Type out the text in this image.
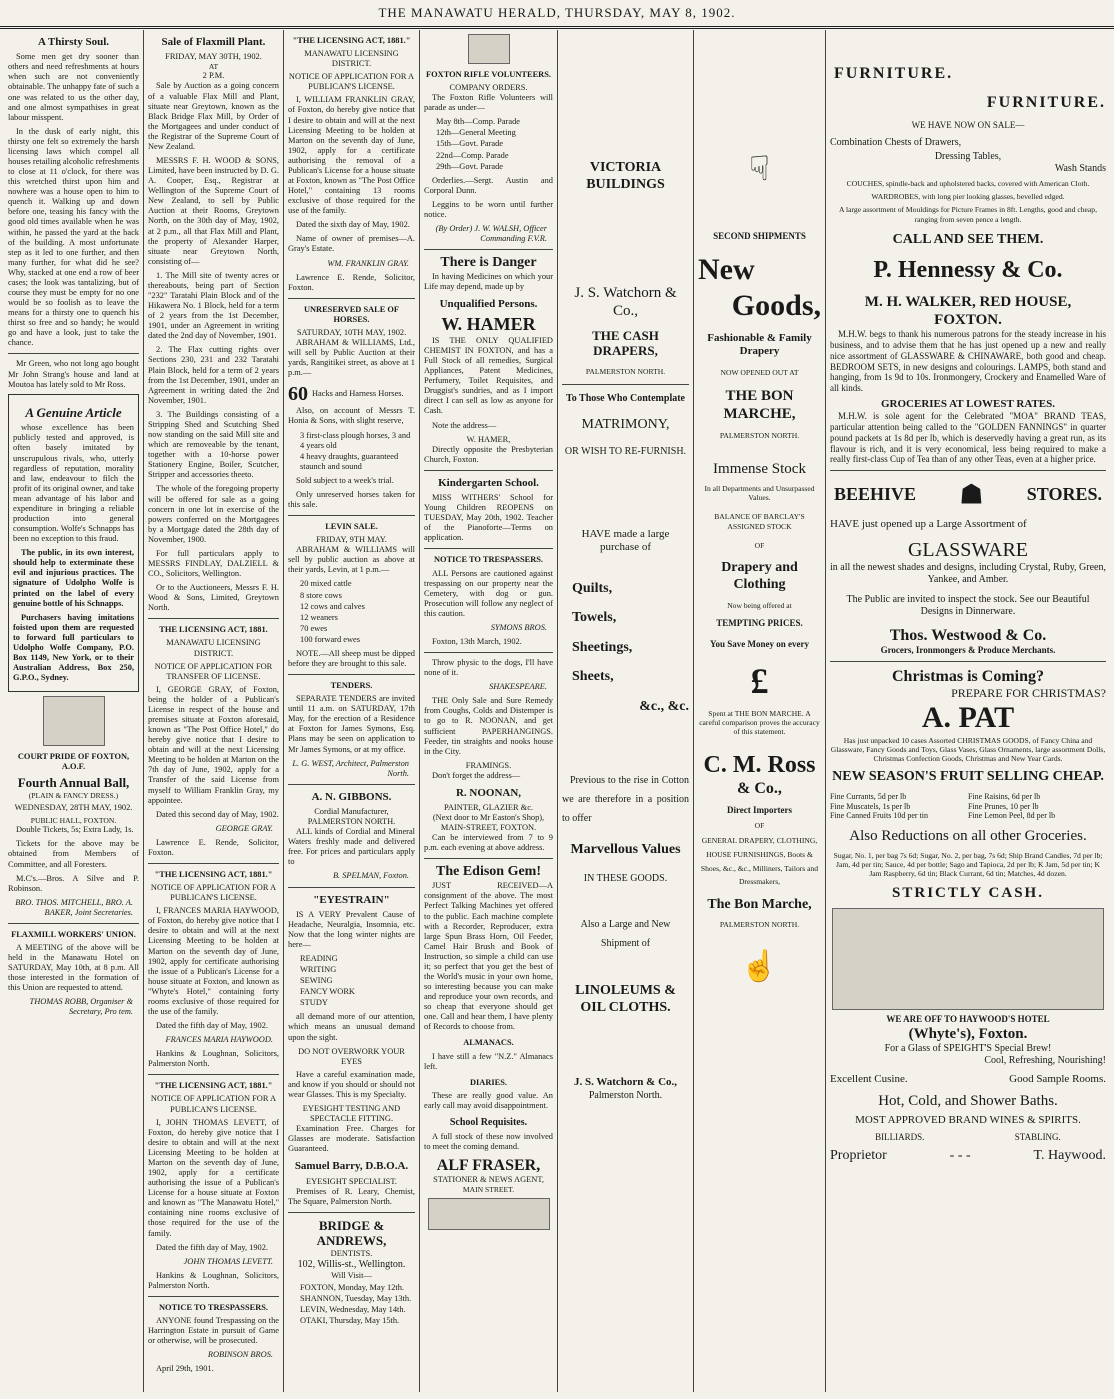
THE MANAWATU HERALD, THURSDAY, MAY 8, 1902.
A Thirsty Soul.

Some men get dry sooner than others and need refreshments at hours when such are not conveniently obtainable. The unhappy fate of such a one was related to us the other day, and one almost sympathises in great labour misspent.

In the dusk of early night, this thirsty one felt so extremely the harsh licensing laws which compel all houses retailing alcoholic refreshments to close at 11 o'clock, for there was this wretched thirst upon him and nowhere was a house open to him to quench it. Walking up and down before one, teasing his fancy with the good old times available when he was within, he passed the yard at the back of the building. A most unfortunate step as it led to one further, and then many further, for what did he see? Why, stacked at one end a row of beer cases; the look was tantalizing, but of course they must be empty for no one would be so foolish as to leave the means for a thirsty one to quench his thirst so free and so handy; he would go and have a look, just to take the chance.

Mr Green, who not long ago bought Mr John Strang's house and land at Moutoa has lately sold to Mr Ross.

A Genuine Article

whose excellence has been publicly tested and approved, is often basely imitated by unscrupulous rivals, who, utterly regardless of reputation, morality and law, endeavour to filch the profit of its original owner, and take mean advantage of his labor and expenditure in bringing a reliable production into general consumption. Wolfe's Schnapps has been no exception to this fraud.

The public, in its own interest, should help to exterminate these evil and injurious practices. The signature of Udolpho Wolfe is printed on the label of every genuine bottle of his Schnapps.

Purchasers having imitations foisted upon them are requested to forward full particulars to Udolpho Wolfe Company, P.O. Box 1149, New York, or to their Australian Address, Box 250, G.P.O., Sydney.

COURT PRIDE OF FOXTON, A.O.F.
Fourth Annual Ball,
(PLAIN & FANCY DRESS.)
WEDNESDAY, 28TH MAY, 1902.
PUBLIC HALL, FOXTON.

Double Tickets, 5s; Extra Lady, 1s.

Tickets for the above may be obtained from Members of Committee, and all Foresters.

M.C's.—Bros. A Silve and P. Robinson.

BRO. THOS. MITCHELL, BRO. A. BAKER, Joint Secretaries.
FLAXMILL WORKERS' UNION.

A MEETING of the above will be held in the Manawatu Hotel on SATURDAY, May 10th, at 8 p.m. All those interested in the formation of this Union are requested to attend.

THOMAS ROBB, Organiser & Secretary, Pro tem.
Sale of Flaxmill Plant.
FRIDAY, MAY 30TH, 1902.
AT
2 P.M.

Sale by Auction as a going concern of a valuable Flax Mill and Plant, situate near Greytown, known as the Black Bridge Flax Mill, by Order of the Mortgagees and under conduct of the Registrar of the Supreme Court of New Zealand.

MESSRS F. H. WOOD & SONS, Limited, have been instructed by D. G. A. Cooper, Esq., Registrar at Wellington of the Supreme Court of New Zealand, to sell by Public Auction at their Rooms, Greytown North, on the 30th day of May, 1902, at 2 p.m., all that Flax Mill and Plant, the property of Alexander Harper, situate near Greytown North, consisting of—

1. The Mill site of twenty acres or thereabouts, being part of Section "232" Taratahi Plain Block and of the Hikawera No. 1 Block, held for a term of 2 years from the 1st December, 1901, under an Agreement in writing dated the 2nd day of November, 1901.

2. The Flax cutting rights over Sections 230, 231 and 232 Taratahi Plain Block, held for a term of 2 years from the 1st December, 1901, under an Agreement in writing dated the 2nd November, 1901.

3. The Buildings consisting of a Stripping Shed and Scutching Shed now standing on the said Mill site and which are removeable by the tenant, together with a 10-horse power Stationery Engine, Boiler, Scutcher, Stripper and accessories theeto.

The whole of the foregoing property will be offered for sale as a going concern in one lot in exercise of the powers conferred on the Mortgagees by a Mortgage dated the 28th day of November, 1900.

For full particulars apply to MESSRS FINDLAY, DALZIELL & CO., Solicitors, Wellington.

Or to the Auctioneers, Messrs F. H. Wood & Sons, Limited, Greytown North.

THE LICENSING ACT, 1881.
MANAWATU LICENSING DISTRICT.
NOTICE OF APPLICATION FOR TRANSFER OF LICENSE.

I, GEORGE GRAY, of Foxton, being the holder of a Publican's License in respect of the house and premises situate at Foxton aforesaid, known as "The Post Office Hotel," do hereby give notice that I desire to obtain and will at the next Licensing Meeting to be holden at Marton on the 7th day of June, 1902, apply for a Transfer of the said License from myself to William Franklin Gray, my appointee.

Dated this second day of May, 1902.

GEORGE GRAY.

Lawrence E. Rende, Solicitor, Foxton.

"THE LICENSING ACT, 1881."
NOTICE OF APPLICATION FOR A PUBLICAN'S LICENSE.

I, FRANCES MARIA HAYWOOD, of Foxton, do hereby give notice that I desire to obtain and will at the next Licensing Meeting to be holden at Marton on the seventh day of June, 1902, apply for certificate authorising the issue of a Publican's License for a house situate at Foxton, and known as "Whyte's Hotel," containing forty rooms exclusive of those required for the use of the family.

Dated the fifth day of May, 1902.

FRANCES MARIA HAYWOOD.

Hankins & Loughnan, Solicitors, Palmerston North.

"THE LICENSING ACT, 1881."
NOTICE OF APPLICATION FOR A PUBLICAN'S LICENSE.

I, JOHN THOMAS LEVETT, of Foxton, do hereby give notice that I desire to obtain and will at the next Licensing Meeting to be holden at Marton on the seventh day of June, 1902, apply for a certificate authorising the issue of a Publican's License for a house situate at Foxton and known as "The Manawatu Hotel," containing nine rooms exclusive of those required for the use of the family.

Dated the fifth day of May, 1902.

JOHN THOMAS LEVETT.

Hankins & Loughnan, Solicitors, Palmerston North.

NOTICE TO TRESPASSERS.

ANYONE found Trespassing on the Harrington Estate in pursuit of Game or otherwise, will be prosecuted.

ROBINSON BROS.

April 29th, 1901.

"THE LICENSING ACT, 1881."
MANAWATU LICENSING DISTRICT.
NOTICE OF APPLICATION FOR A PUBLICAN'S LICENSE.

I, WILLIAM FRANKLIN GRAY, of Foxton, do hereby give notice that I desire to obtain and will at the next Licensing Meeting to be holden at Marton on the seventh day of June, 1902, apply for a certificate authorising the removal of a Publican's License for a house situate at Foxton, known as "The Post Office Hotel," containing 13 rooms exclusive of those required for the use of the family.

Dated the sixth day of May, 1902.

Name of owner of premises—A. Gray's Estate.

WM. FRANKLIN GRAY.

Lawrence E. Rende, Solicitor, Foxton.

UNRESERVED SALE OF HORSES.
SATURDAY, 10TH MAY, 1902.

ABRAHAM & WILLIAMS, Ltd., will sell by Public Auction at their yards, Rangitikei street, as above at 1 p.m.—

60 Hacks and Harness Horses.

Also, on account of Messrs T. Honia & Sons, with slight reserve,

3 first-class plough horses, 3 and 4 years old
4 heavy draughts, guaranteed staunch and sound

Sold subject to a week's trial.

Only unreserved horses taken for this sale.

LEVIN SALE.
FRIDAY, 9TH MAY.

ABRAHAM & WILLIAMS will sell by public auction as above at their yards, Levin, at 1 p.m.—

20 mixed cattle
8 store cows
12 cows and calves
12 weaners
70 ewes
100 forward ewes

NOTE.—All sheep must be dipped before they are brought to this sale.

TENDERS.

SEPARATE TENDERS are invited until 11 a.m. on SATURDAY, 17th May, for the erection of a Residence at Foxton for James Symons, Esq. Plans may be seen on application to Mr James Symons, or at my office.

L. G. WEST, Architect, Palmerston North.
A. N. GIBBONS.
Cordial Manufacturer, PALMERSTON NORTH.

ALL kinds of Cordial and Mineral Waters freshly made and delivered free. For prices and particulars apply to

B. SPELMAN, Foxton.
"EYESTRAIN"

IS A VERY Prevalent Cause of Headache, Neuralgia, Insomnia, etc. Now that the long winter nights are here—

READING
WRITING
SEWING
FANCY WORK
STUDY

all demand more of our attention, which means an unusual demand upon the sight.

DO NOT OVERWORK YOUR EYES

Have a careful examination made, and know if you should or should not wear Glasses. This is my Specialty.

EYESIGHT TESTING AND SPECTACLE FITTING.

Examination Free. Charges for Glasses are moderate. Satisfaction Guaranteed.

Samuel Barry, D.B.O.A.
EYESIGHT SPECIALIST.

Premises of R. Leary, Chemist, The Square, Palmerston North.

BRIDGE & ANDREWS,
DENTISTS.
102, Willis-st., Wellington.
Will Visit—
FOXTON, Monday, May 12th.
SHANNON, Tuesday, May 13th.
LEVIN, Wednesday, May 14th.
OTAKI, Thursday, May 15th.
FOXTON RIFLE VOLUNTEERS.
COMPANY ORDERS.

The Foxton Rifle Volunteers will parade as under—

May 8th—Comp. Parade
12th—General Meeting
15th—Govt. Parade
22nd—Comp. Parade
29th—Govt. Parade

Orderlies.—Sergt. Austin and Corporal Dunn.

Leggins to be worn until further notice.

(By Order) J. W. WALSH, Officer Commanding F.V.R.
There is Danger

In having Medicines on which your Life may depend, made up by

Unqualified Persons.
W. HAMER

IS THE ONLY QUALIFIED CHEMIST IN FOXTON, and has a Full Stock of all remedies, Surgical Appliances, Patent Medicines, Perfumery, Toilet Requisites, and Druggist's sundries, and as I import direct I can sell as low as anyone for Cash.

Note the address—

W. HAMER,

Directly opposite the Presbyterian Church, Foxton.

Kindergarten School.

MISS WITHERS' School for Young Children REOPENS on TUESDAY, May 20th, 1902. Teacher of the Pianoforte—Terms on application.

NOTICE TO TRESPASSERS.

ALL Persons are cautioned against trespassing on our property near the Cemetery, with dog or gun. Prosecution will follow any neglect of this caution.

SYMONS BROS.

Foxton, 13th March, 1902.

Throw physic to the dogs, I'll have none of it.

SHAKESPEARE.

THE Only Sale and Sure Remedy from Coughs, Colds and Distemper is to go to R. NOONAN, and get sufficient PAPERHANGINGS. Feeder, tin straights and nooks house in the City.

FRAMINGS.

Don't forget the address—

R. NOONAN,
PAINTER, GLAZIER &c.
(Next door to Mr Easton's Shop), MAIN-STREET, FOXTON.

Can be interviewed from 7 to 9 p.m. each evening at above address.

The Edison Gem!

JUST RECEIVED—A consignment of the above. The most Perfect Talking Machines yet offered to the public. Each machine complete with a Recorder, Reproducer, extra large Spun Brass Horn, Oil Feeder, Camel Hair Brush and Book of Instruction, so simple a child can use it; so perfect that you get the best of the World's music in your own home, so interesting because you can make and reproduce your own records, and so cheap that everyone should get one. Call and hear them, I have plenty of Records to choose from.

ALMANACS.

I have still a few "N.Z." Almanacs left.

DIARIES.

These are really good value. An early call may avoid disappointment.

School Requisites.

A full stock of these now involved to meet the coming demand.

ALF FRASER,
STATIONER & NEWS AGENT,
MAIN STREET.
VICTORIA BUILDINGS
J. S. Watchorn & Co.,
THE CASH DRAPERS,
PALMERSTON NORTH.
To Those Who Contemplate
MATRIMONY,
OR WISH TO RE-FURNISH.
HAVE made a large purchase of
Quilts,
Towels,
Sheetings,
Sheets,
&c., &c.

Previous to the rise in Cotton we are therefore in a position to offer

Marvellous Values
IN THESE GOODS.
Also a Large and New Shipment of
LINOLEUMS & OIL CLOTHS.
J. S. Watchorn & Co.,
Palmerston North.
☟
SECOND SHIPMENTS
New
Goods,
Fashionable & Family Drapery
NOW OPENED OUT AT
THE BON MARCHE,
PALMERSTON NORTH.
Immense Stock
In all Departments and Unsurpassed Values.
BALANCE OF BARCLAY'S ASSIGNED STOCK
OF
Drapery and Clothing
Now being offered at
TEMPTING PRICES.
You Save Money on every
£
Spent at THE BON MARCHE. A careful comparison proves the accuracy of this statement.
C. M. Ross
& Co.,
Direct Importers
OF
GENERAL DRAPERY, CLOTHING, HOUSE FURNISHINGS, Boots & Shoes, &c., &c., Milliners, Tailors and Dressmakers,
The Bon Marche,
PALMERSTON NORTH.
☝
FURNITURE.
FURNITURE.
WE HAVE NOW ON SALE—
Combination Chests of Drawers,
Dressing Tables,
Wash Stands
COUCHES, spindle-back and upholstered backs, covered with American Cloth.
WARDROBES, with long pier looking glasses, bevelled edged.
A large assortment of Mouldings for Picture Frames in 8ft. Lengths, good and cheap, ranging from seven pence a length.
CALL AND SEE THEM.
P. Hennessy & Co.
M. H. WALKER, RED HOUSE, FOXTON.

M.H.W. begs to thank his numerous patrons for the steady increase in his business, and to advise them that he has just opened up a new and really nice assortment of GLASSWARE & CHINAWARE, both good and cheap. BEDROOM SETS, in new designs and colourings. LAMPS, both stand and hanging, from 1s 9d to 10s. Ironmongery, Crockery and Enamelled Ware of all kinds.

GROCERIES AT LOWEST RATES.

M.H.W. is sole agent for the Celebrated "MOA" BRAND TEAS, particular attention being called to the "GOLDEN FANNINGS" in quarter pound packets at 1s 8d per lb, which is deservedly having a great run, as its flavour is rich, and it is very economical, less being required to make a really first-class Cup of Tea than of any other Teas, even at a higher price.

BEEHIVE ☗ STORES.
HAVE just opened up a Large Assortment of
GLASSWARE
in all the newest shades and designs, including Crystal, Ruby, Green, Yankee, and Amber.
The Public are invited to inspect the stock. See our Beautiful Designs in Dinnerware.
Thos. Westwood & Co.
Grocers, Ironmongers & Produce Merchants.
Christmas is Coming?
PREPARE FOR CHRISTMAS?
A. PAT
Has just unpacked 10 cases Assorted CHRISTMAS GOODS, of Fancy China and Glassware, Fancy Goods and Toys, Glass Vases, Glass Ornaments, large assortment Dolls, Christmas Confection Goods, Christmas and New Year Cards.
NEW SEASON'S FRUIT SELLING CHEAP.
Fine Currants, 5d per lb	Fine Raisins, 6d per lb
Fine Muscatels, 1s per lb	Fine Prunes, 10 per lb
Fine Canned Fruits 10d per tin	Fine Lemon Peel, 8d per lb
Also Reductions on all other Groceries.
Sugar, No. 1, per bag 7s 6d; Sugar, No. 2, per bag, 7s 6d; Ship Brand Candles, 7d per lb; Jam, 4d per tin; Sauce, 4d per bottle; Sago and Tapioca, 2d per lb; K Jam, 5d per tin; K Jam Raspberry, 6d tin; Black Currant, 6d tin; Matches, 4d dozen.
STRICTLY CASH.
WE ARE OFF TO HAYWOOD'S HOTEL
(Whyte's), Foxton.
For a Glass of SPEIGHT'S Special Brew!
Cool, Refreshing, Nourishing!
Excellent Cusine.	Good Sample Rooms.
Hot, Cold, and Shower Baths.
MOST APPROVED BRAND WINES & SPIRITS.
BILLIARDS.	STABLING.
Proprietor	- - -	T. Haywood.
